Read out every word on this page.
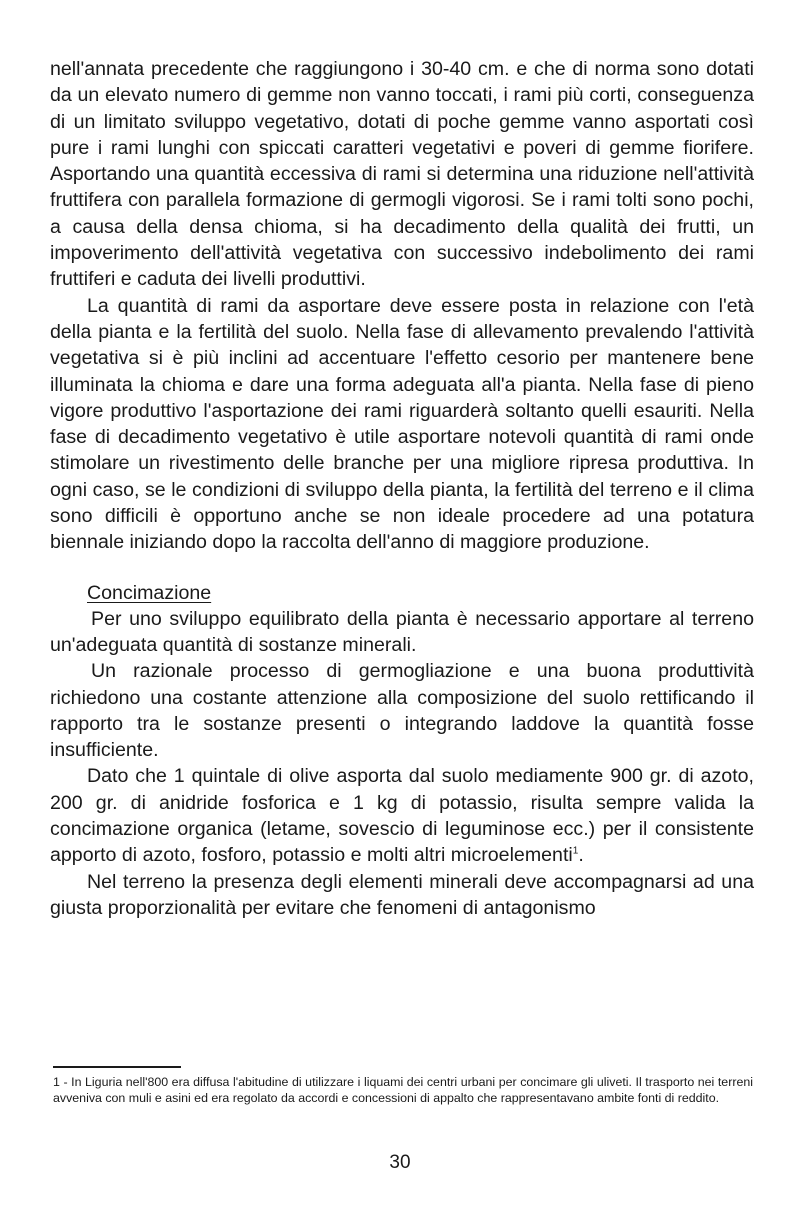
nell'annata precedente che raggiungono i 30-40 cm. e che di norma sono dotati da un elevato numero di gemme non vanno toccati, i rami più corti, conseguenza di un limitato sviluppo vegetativo, dotati di poche gemme vanno asportati così pure i rami lunghi con spiccati caratteri vegetativi e poveri di gemme fiorifere. Asportando una quantità eccessiva di rami si determina una riduzione nell'attività fruttifera con parallela formazione di germogli vigorosi. Se i rami tolti sono pochi, a causa della densa chioma, si ha decadimento della qualità dei frutti, un impoverimento dell'attività vegetativa con successivo indebolimento dei rami fruttiferi e caduta dei livelli produttivi.

La quantità di rami da asportare deve essere posta in relazione con l'età della pianta e la fertilità del suolo. Nella fase di allevamento prevalendo l'attività vegetativa si è più inclini ad accentuare l'effetto cesorio per mantenere bene illuminata la chioma e dare una forma adeguata all'a pianta. Nella fase di pieno vigore produttivo l'asportazione dei rami riguarderà soltanto quelli esauriti. Nella fase di decadimento vegetativo è utile asportare notevoli quantità di rami onde stimolare un rivestimento delle branche per una migliore ripresa produttiva. In ogni caso, se le condizioni di sviluppo della pianta, la fertilità del terreno e il clima sono difficili è opportuno anche se non ideale procedere ad una potatura biennale iniziando dopo la raccolta dell'anno di maggiore produzione.

Concimazione

Per uno sviluppo equilibrato della pianta è necessario apportare al terreno un'adeguata quantità di sostanze minerali.

Un razionale processo di germogliazione e una buona produttività richiedono una costante attenzione alla composizione del suolo rettificando il rapporto tra le sostanze presenti o integrando laddove la quantità fosse insufficiente.

Dato che 1 quintale di olive asporta dal suolo mediamente 900 gr. di azoto, 200 gr. di anidride fosforica e 1 kg di potassio, risulta sempre valida la concimazione organica (letame, sovescio di leguminose ecc.) per il consistente apporto di azoto, fosforo, potassio e molti altri microelementi$^1$.

Nel terreno la presenza degli elementi minerali deve accompagnarsi ad una giusta proporzionalità per evitare che fenomeni di antagonismo

1 - In Liguria nell'800 era diffusa l'abitudine di utilizzare i liquami dei centri urbani per concimare gli uliveti. Il trasporto nei terreni avveniva con muli e asini ed era regolato da accordi e concessioni di appalto che rappresentavano ambite fonti di reddito.

30
